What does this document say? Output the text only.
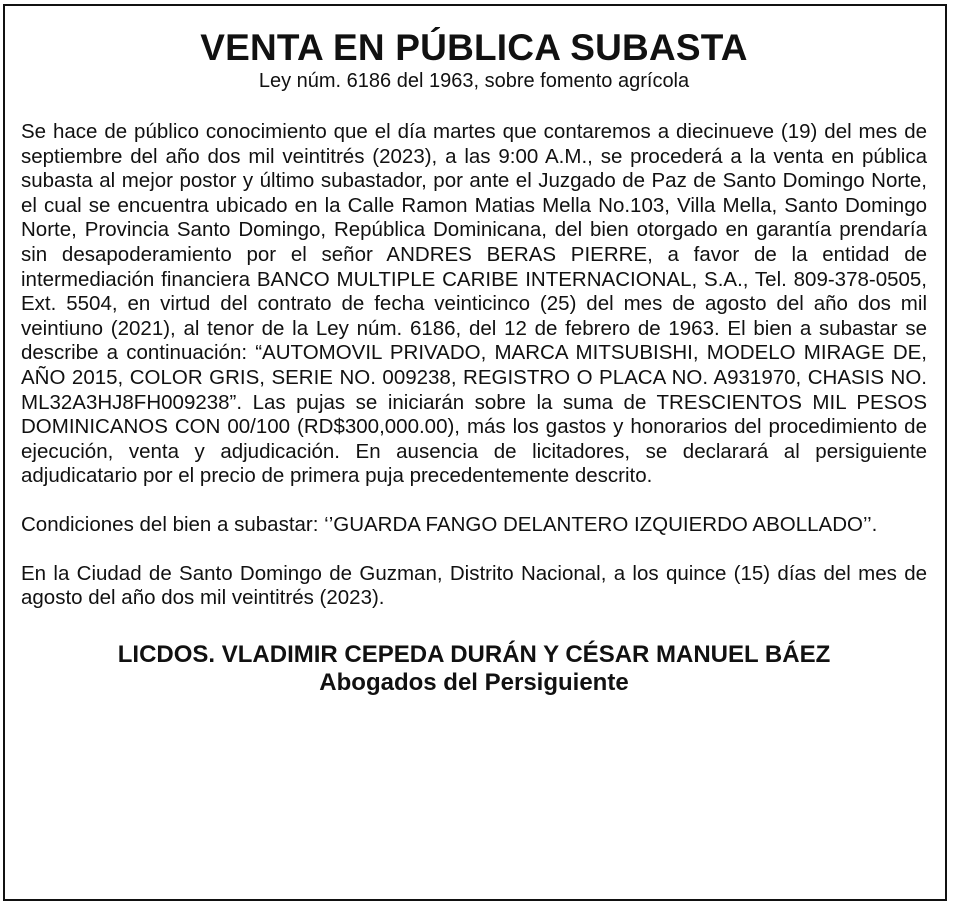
VENTA EN PÚBLICA SUBASTA

Ley núm. 6186 del 1963, sobre fomento agrícola

Se hace de público conocimiento que el día martes que contaremos a diecinueve (19) del mes de septiembre del año dos mil veintitrés (2023), a las 9:00 A.M., se procederá a la venta en pública subasta al mejor postor y último subastador, por ante el Juzgado de Paz de Santo Domingo Norte, el cual se encuentra ubicado en la Calle Ramon Matias Mella No.103, Villa Mella, Santo Domingo Norte, Provincia Santo Domingo, República Dominicana, del bien otorgado en garantía prendaría sin desapoderamiento por el señor ANDRES BERAS PIERRE, a favor de la entidad de intermediación financiera BANCO MULTIPLE CARIBE INTERNACIONAL, S.A., Tel. 809-378-0505, Ext. 5504, en virtud del contrato de fecha veinticinco (25) del mes de agosto del año dos mil veintiuno (2021), al tenor de la Ley núm. 6186, del 12 de febrero de 1963. El bien a subastar se describe a continuación: “AUTOMOVIL PRIVADO, MARCA MITSUBISHI, MODELO MIRAGE DE, AÑO 2015, COLOR GRIS, SERIE NO. 009238, REGISTRO O PLACA NO. A931970, CHASIS NO. ML32A3HJ8FH009238”. Las pujas se iniciarán sobre la suma de TRESCIENTOS MIL PESOS DOMINICANOS CON 00/100 (RD$300,000.00), más los gastos y honorarios del procedimiento de ejecución, venta y adjudicación. En ausencia de licitadores, se declarará al persiguiente adjudicatario por el precio de primera puja precedentemente descrito.

Condiciones del bien a subastar: ‘’GUARDA FANGO DELANTERO IZQUIERDO ABOLLADO’’.

En la Ciudad de Santo Domingo de Guzman, Distrito Nacional, a los quince (15) días del mes de agosto del año dos mil veintitrés (2023).

LICDOS. VLADIMIR CEPEDA DURÁN Y CÉSAR MANUEL BÁEZ
Abogados del Persiguiente
